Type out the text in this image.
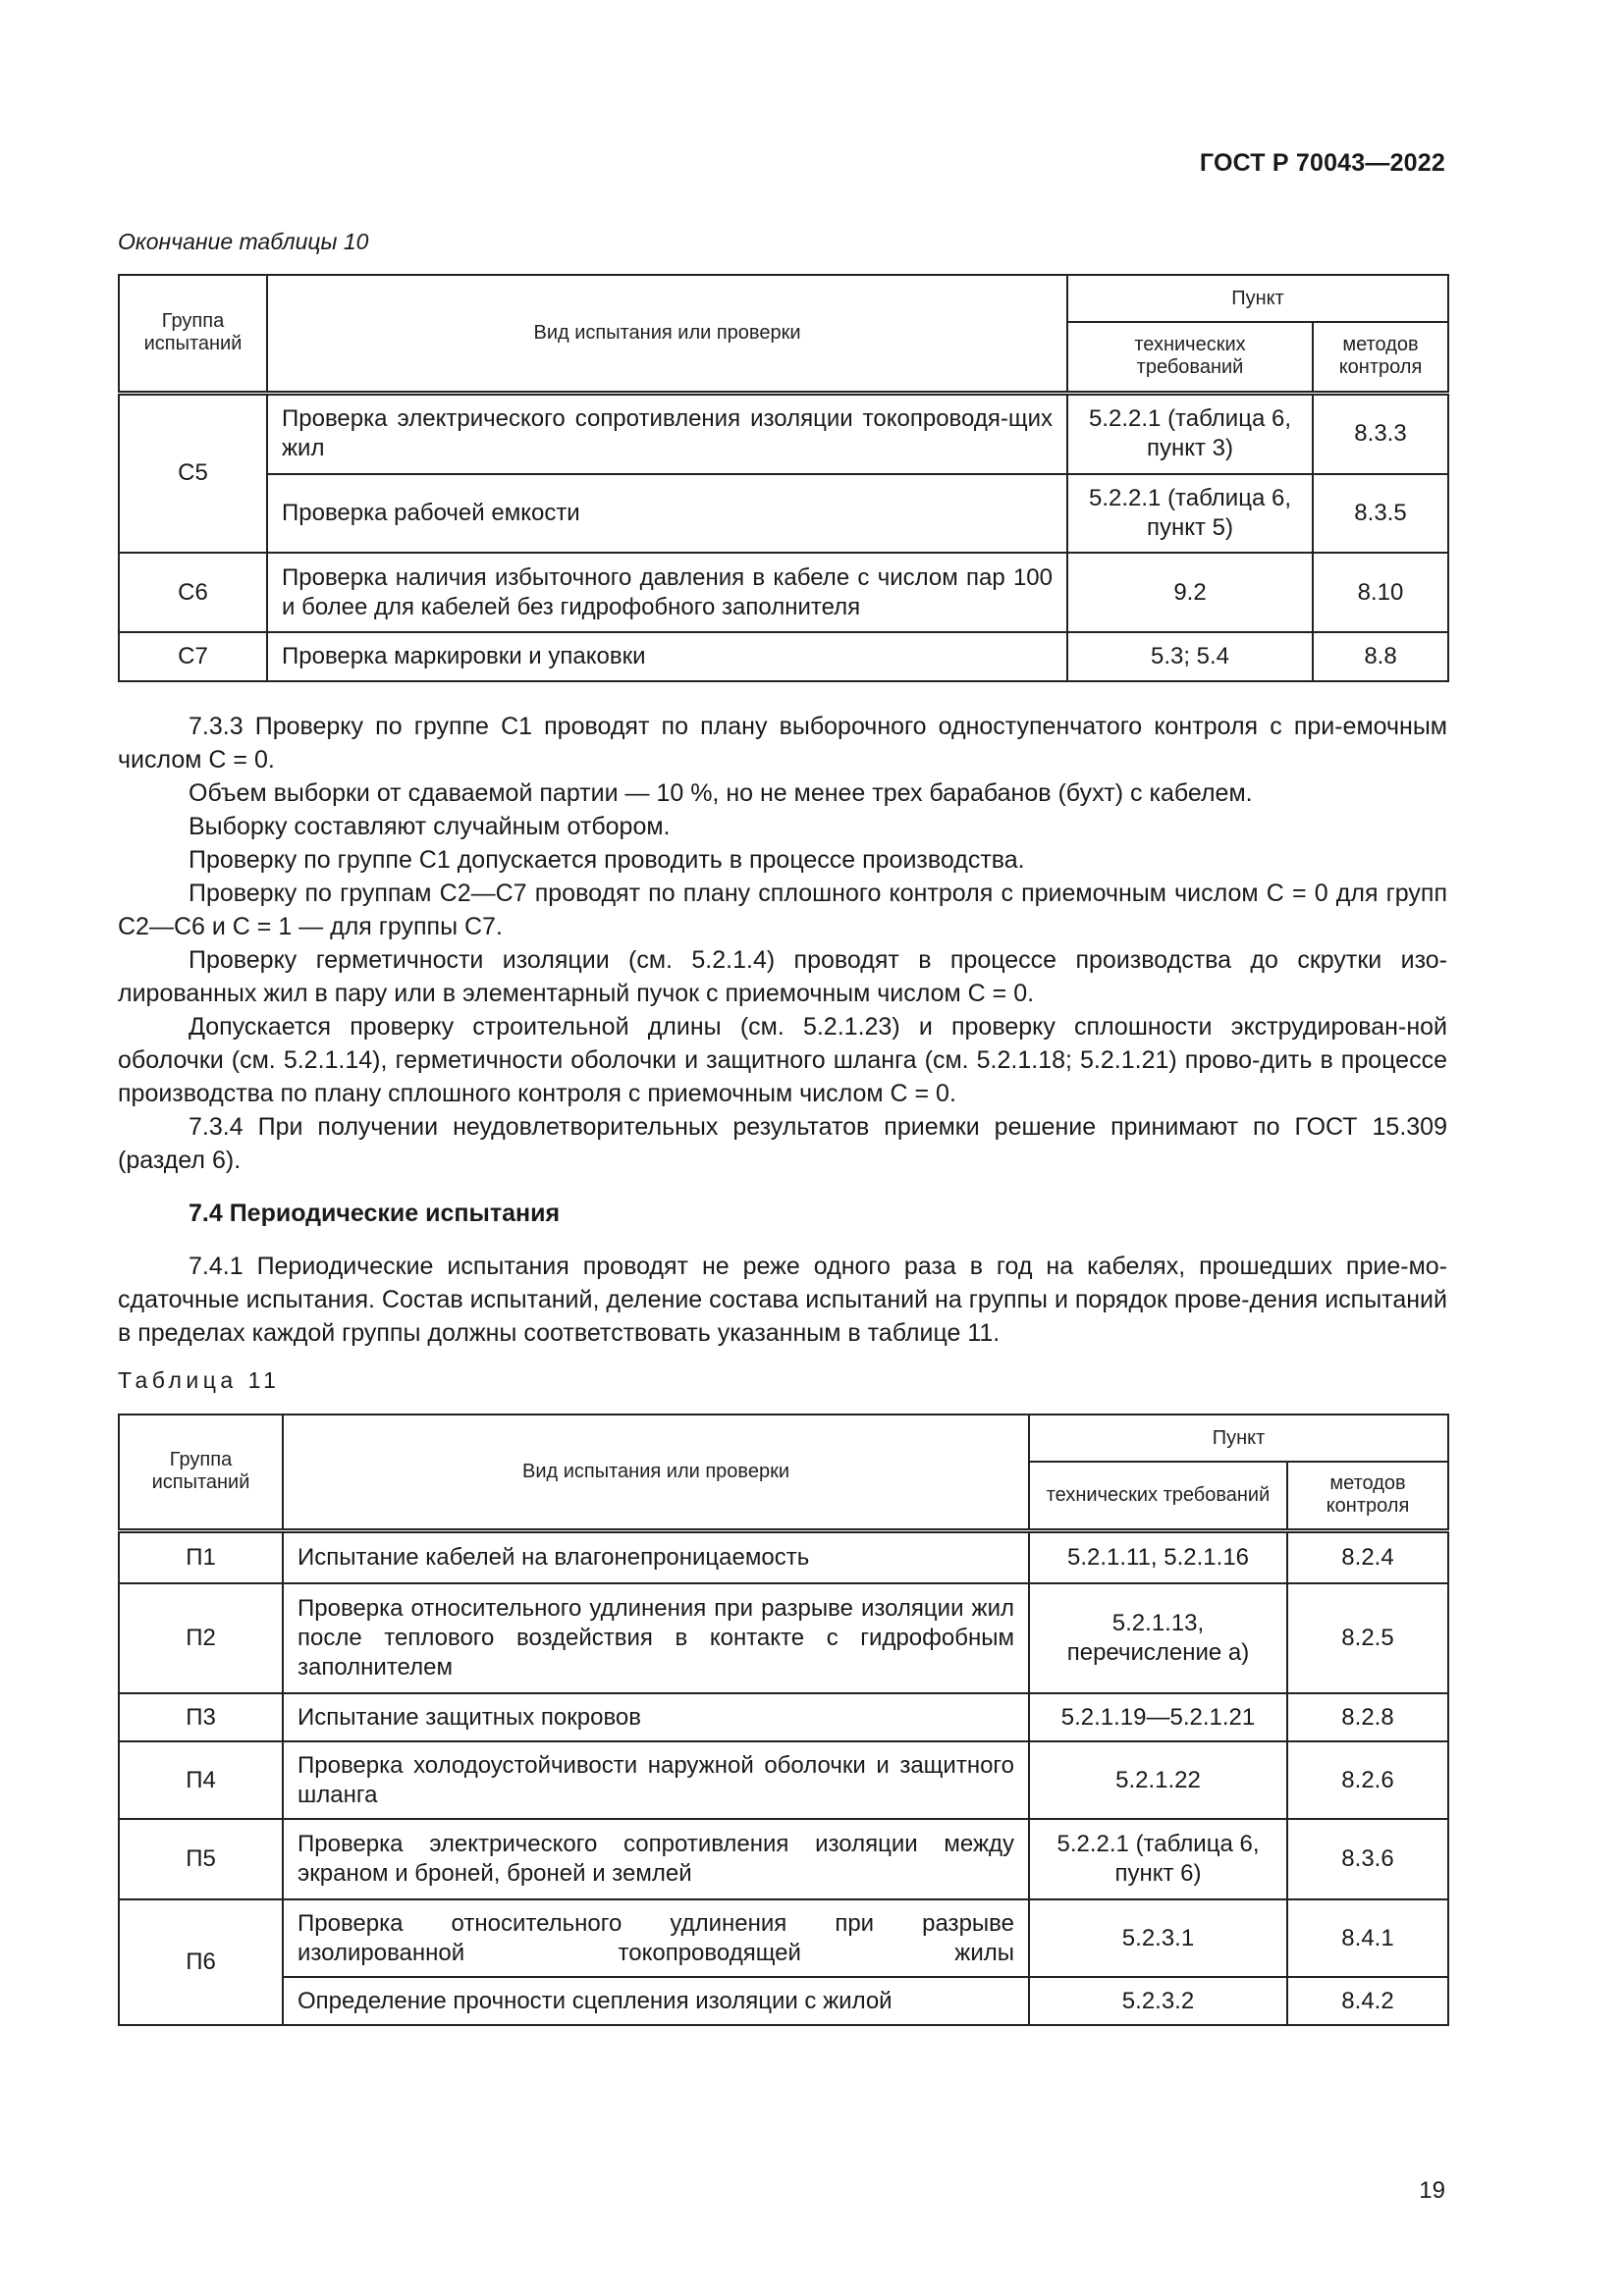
ГОСТ Р 70043—2022
Окончание таблицы 10
Группа испытаний	Вид испытания или проверки	Пункт	
		технических требований	методов контроля
С5	Проверка электрического сопротивления изоляции токопроводя-щих жил	5.2.2.1 (таблица 6, пункт 3)	8.3.3
	Проверка рабочей емкости	5.2.2.1 (таблица 6, пункт 5)	8.3.5
С6	Проверка наличия избыточного давления в кабеле с числом пар 100 и более для кабелей без гидрофобного заполнителя	9.2	8.10
С7	Проверка маркировки и упаковки	5.3; 5.4	8.8

7.3.3 Проверку по группе С1 проводят по плану выборочного одноступенчатого контроля с при-емочным числом С = 0.

Объем выборки от сдаваемой партии — 10 %, но не менее трех барабанов (бухт) с кабелем.

Выборку составляют случайным отбором.

Проверку по группе С1 допускается проводить в процессе производства.

Проверку по группам С2—С7 проводят по плану сплошного контроля с приемочным числом С = 0 для групп С2—С6 и С = 1 — для группы С7.

Проверку герметичности изоляции (см. 5.2.1.4) проводят в процессе производства до скрутки изо-лированных жил в пару или в элементарный пучок с приемочным числом С = 0.

Допускается проверку строительной длины (см. 5.2.1.23) и проверку сплошности экструдирован-ной оболочки (см. 5.2.1.14), герметичности оболочки и защитного шланга (см. 5.2.1.18; 5.2.1.21) прово-дить в процессе производства по плану сплошного контроля с приемочным числом С = 0.

7.3.4 При получении неудовлетворительных результатов приемки решение принимают по ГОСТ 15.309 (раздел 6).

7.4 Периодические испытания

7.4.1 Периодические испытания проводят не реже одного раза в год на кабелях, прошедших прие-мо-сдаточные испытания. Состав испытаний, деление состава испытаний на группы и порядок прове-дения испытаний в пределах каждой группы должны соответствовать указанным в таблице 11.

Таблица 11
Группа испытаний	Вид испытания или проверки	Пункт	
		технических требований	методов контроля
П1	Испытание кабелей на влагонепроницаемость	5.2.1.11, 5.2.1.16	8.2.4
П2	Проверка относительного удлинения при разрыве изоляции жил после теплового воздействия в контакте с гидрофобным заполнителем	5.2.1.13, перечисление а)	8.2.5
П3	Испытание защитных покровов	5.2.1.19—5.2.1.21	8.2.8
П4	Проверка холодоустойчивости наружной оболочки и защитного шланга	5.2.1.22	8.2.6
П5	Проверка электрического сопротивления изоляции между экраном и броней, броней и землей	5.2.2.1 (таблица 6, пункт 6)	8.3.6
П6	Проверка относительного удлинения при разрыве изолированной токопроводящей жилы	5.2.3.1	8.4.1
	Определение прочности сцепления изоляции с жилой	5.2.3.2	8.4.2
19
